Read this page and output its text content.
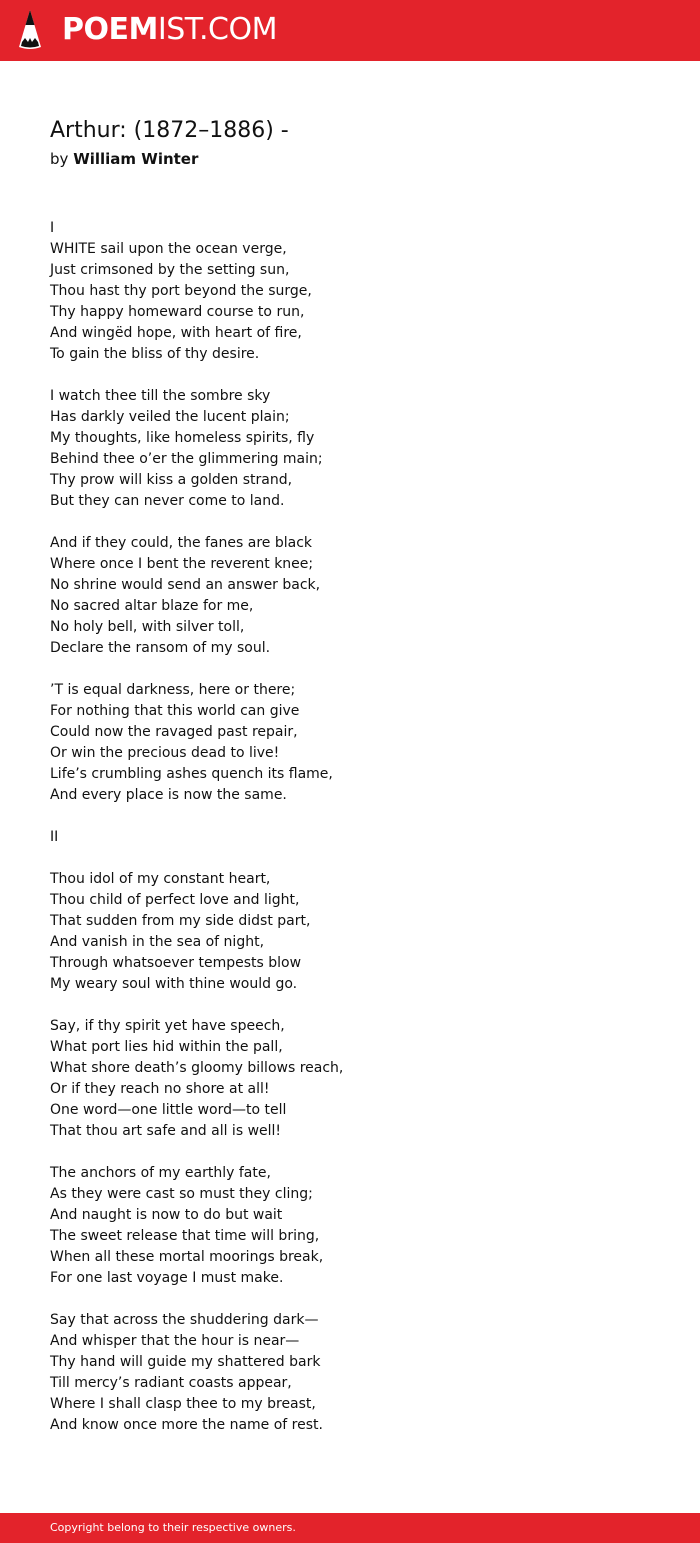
POEMIST.COM
Arthur: (1872–1886) -
by William Winter
I
WHITE sail upon the ocean verge,
Just crimsoned by the setting sun,
Thou hast thy port beyond the surge,
Thy happy homeward course to run,
And wingëd hope, with heart of fire,
To gain the bliss of thy desire.
I watch thee till the sombre sky
Has darkly veiled the lucent plain;
My thoughts, like homeless spirits, fly
Behind thee o’er the glimmering main;
Thy prow will kiss a golden strand,
But they can never come to land.
And if they could, the fanes are black
Where once I bent the reverent knee;
No shrine would send an answer back,
No sacred altar blaze for me,
No holy bell, with silver toll,
Declare the ransom of my soul.
’T is equal darkness, here or there;
For nothing that this world can give
Could now the ravaged past repair,
Or win the precious dead to live!
Life’s crumbling ashes quench its flame,
And every place is now the same.
II
Thou idol of my constant heart,
Thou child of perfect love and light,
That sudden from my side didst part,
And vanish in the sea of night,
Through whatsoever tempests blow
My weary soul with thine would go.
Say, if thy spirit yet have speech,
What port lies hid within the pall,
What shore death’s gloomy billows reach,
Or if they reach no shore at all!
One word—one little word—to tell
That thou art safe and all is well!
The anchors of my earthly fate,
As they were cast so must they cling;
And naught is now to do but wait
The sweet release that time will bring,
When all these mortal moorings break,
For one last voyage I must make.
Say that across the shuddering dark—
And whisper that the hour is near—
Thy hand will guide my shattered bark
Till mercy’s radiant coasts appear,
Where I shall clasp thee to my breast,
And know once more the name of rest.
Copyright belong to their respective owners.
